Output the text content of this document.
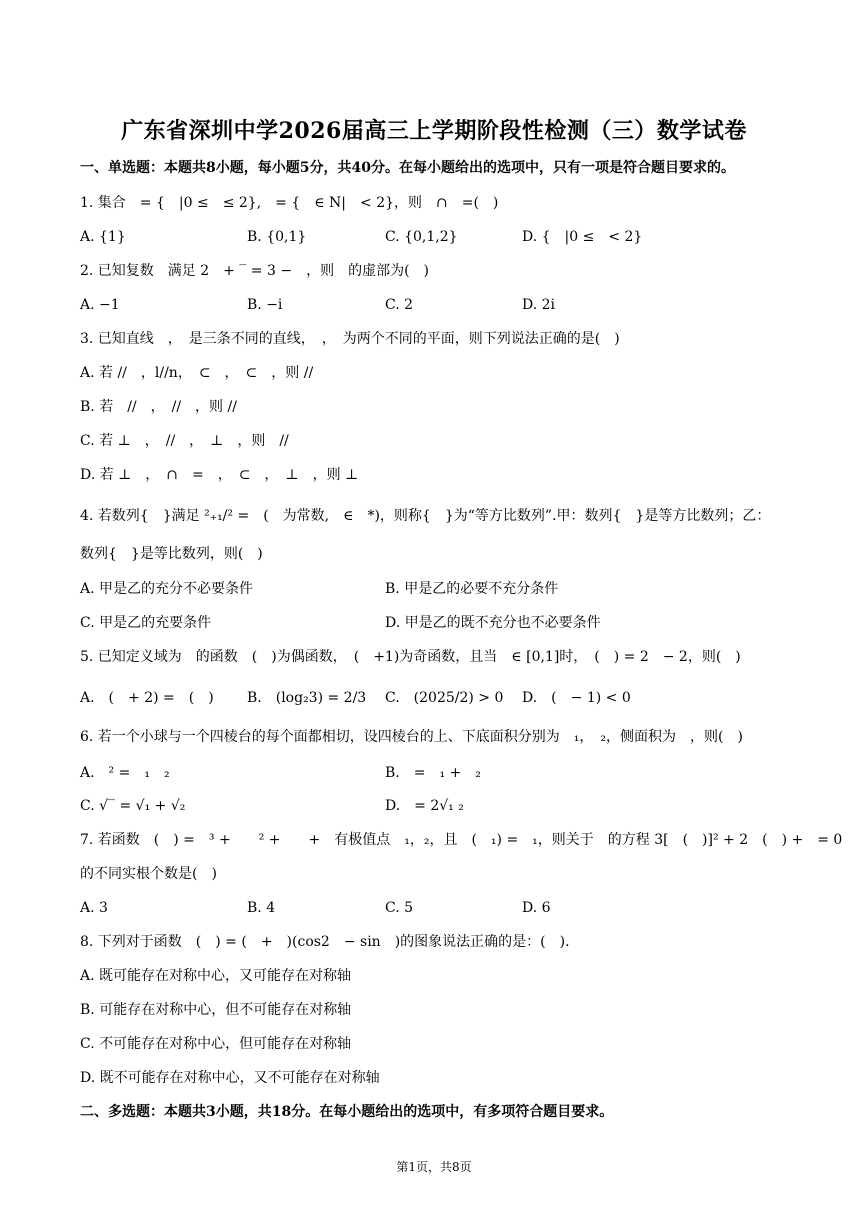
广东省深圳中学2026届高三上学期阶段性检测（三）数学试卷
一、单选题：本题共8小题，每小题5分，共40分。在每小题给出的选项中，只有一项是符合题目要求的。
1. 集合　= {　|0 ≤　≤ 2},　= {　∈ N|　< 2}，则　∩　=(　)
A. {1}	B. {0,1}	C. {0,1,2}	D. {　|0 ≤　< 2}
2. 已知复数　满足 2　+ ‾ = 3 −　，则　的虚部为(　)
A. −1	B. −i	C. 2	D. 2i
3. 已知直线　，　是三条不同的直线，　，　为两个不同的平面，则下列说法正确的是(　)
A. 若 //　，l//n，　⊂　，　⊂　，则 //
B. 若　//　，　//　，则 //
C. 若 ⊥　，　//　，　⊥　，则　//
D. 若 ⊥　，　∩　=　，　⊂　，　⊥　，则 ⊥
4. 若数列{　}满足 ²₊₁/² =　(　为常数,　∈　*)，则称{　}为“等方比数列”.甲：数列{　}是等方比数列；乙：
数列{　}是等比数列，则(　)
A. 甲是乙的充分不必要条件	B. 甲是乙的必要不充分条件
C. 甲是乙的充要条件	D. 甲是乙的既不充分也不必要条件
5. 已知定义域为　的函数　(　)为偶函数，　(　+1)为奇函数，且当　∈ [0,1]时，　(　) = 2　− 2，则(　)
A.　(　+ 2) =　(　) B.　(log₂3) = 2/3 C.　(2025/2) > 0 D.　(　− 1) < 0
6. 若一个小球与一个四棱台的每个面都相切，设四棱台的上、下底面积分别为　₁，　₂，侧面积为　，则(　)
A.　² =　₁　₂	B.　=　₁ +　₂
C. √‾ = √₁ + √₂	D.　= 2√₁ ₂
7. 若函数　(　) =　³ +　　² +　　+　有极值点　₁，₂，且　(　₁) =　₁，则关于　的方程 3[　(　)]² + 2　(　) +　= 0
的不同实根个数是(　)
A. 3	B. 4	C. 5	D. 6
8. 下列对于函数　(　) = (　+　)(cos2　− sin　)的图象说法正确的是：(　).
A. 既可能存在对称中心，又可能存在对称轴
B. 可能存在对称中心，但不可能存在对称轴
C. 不可能存在对称中心，但可能存在对称轴
D. 既不可能存在对称中心，又不可能存在对称轴
二、多选题：本题共3小题，共18分。在每小题给出的选项中，有多项符合题目要求。
第1页，共8页
